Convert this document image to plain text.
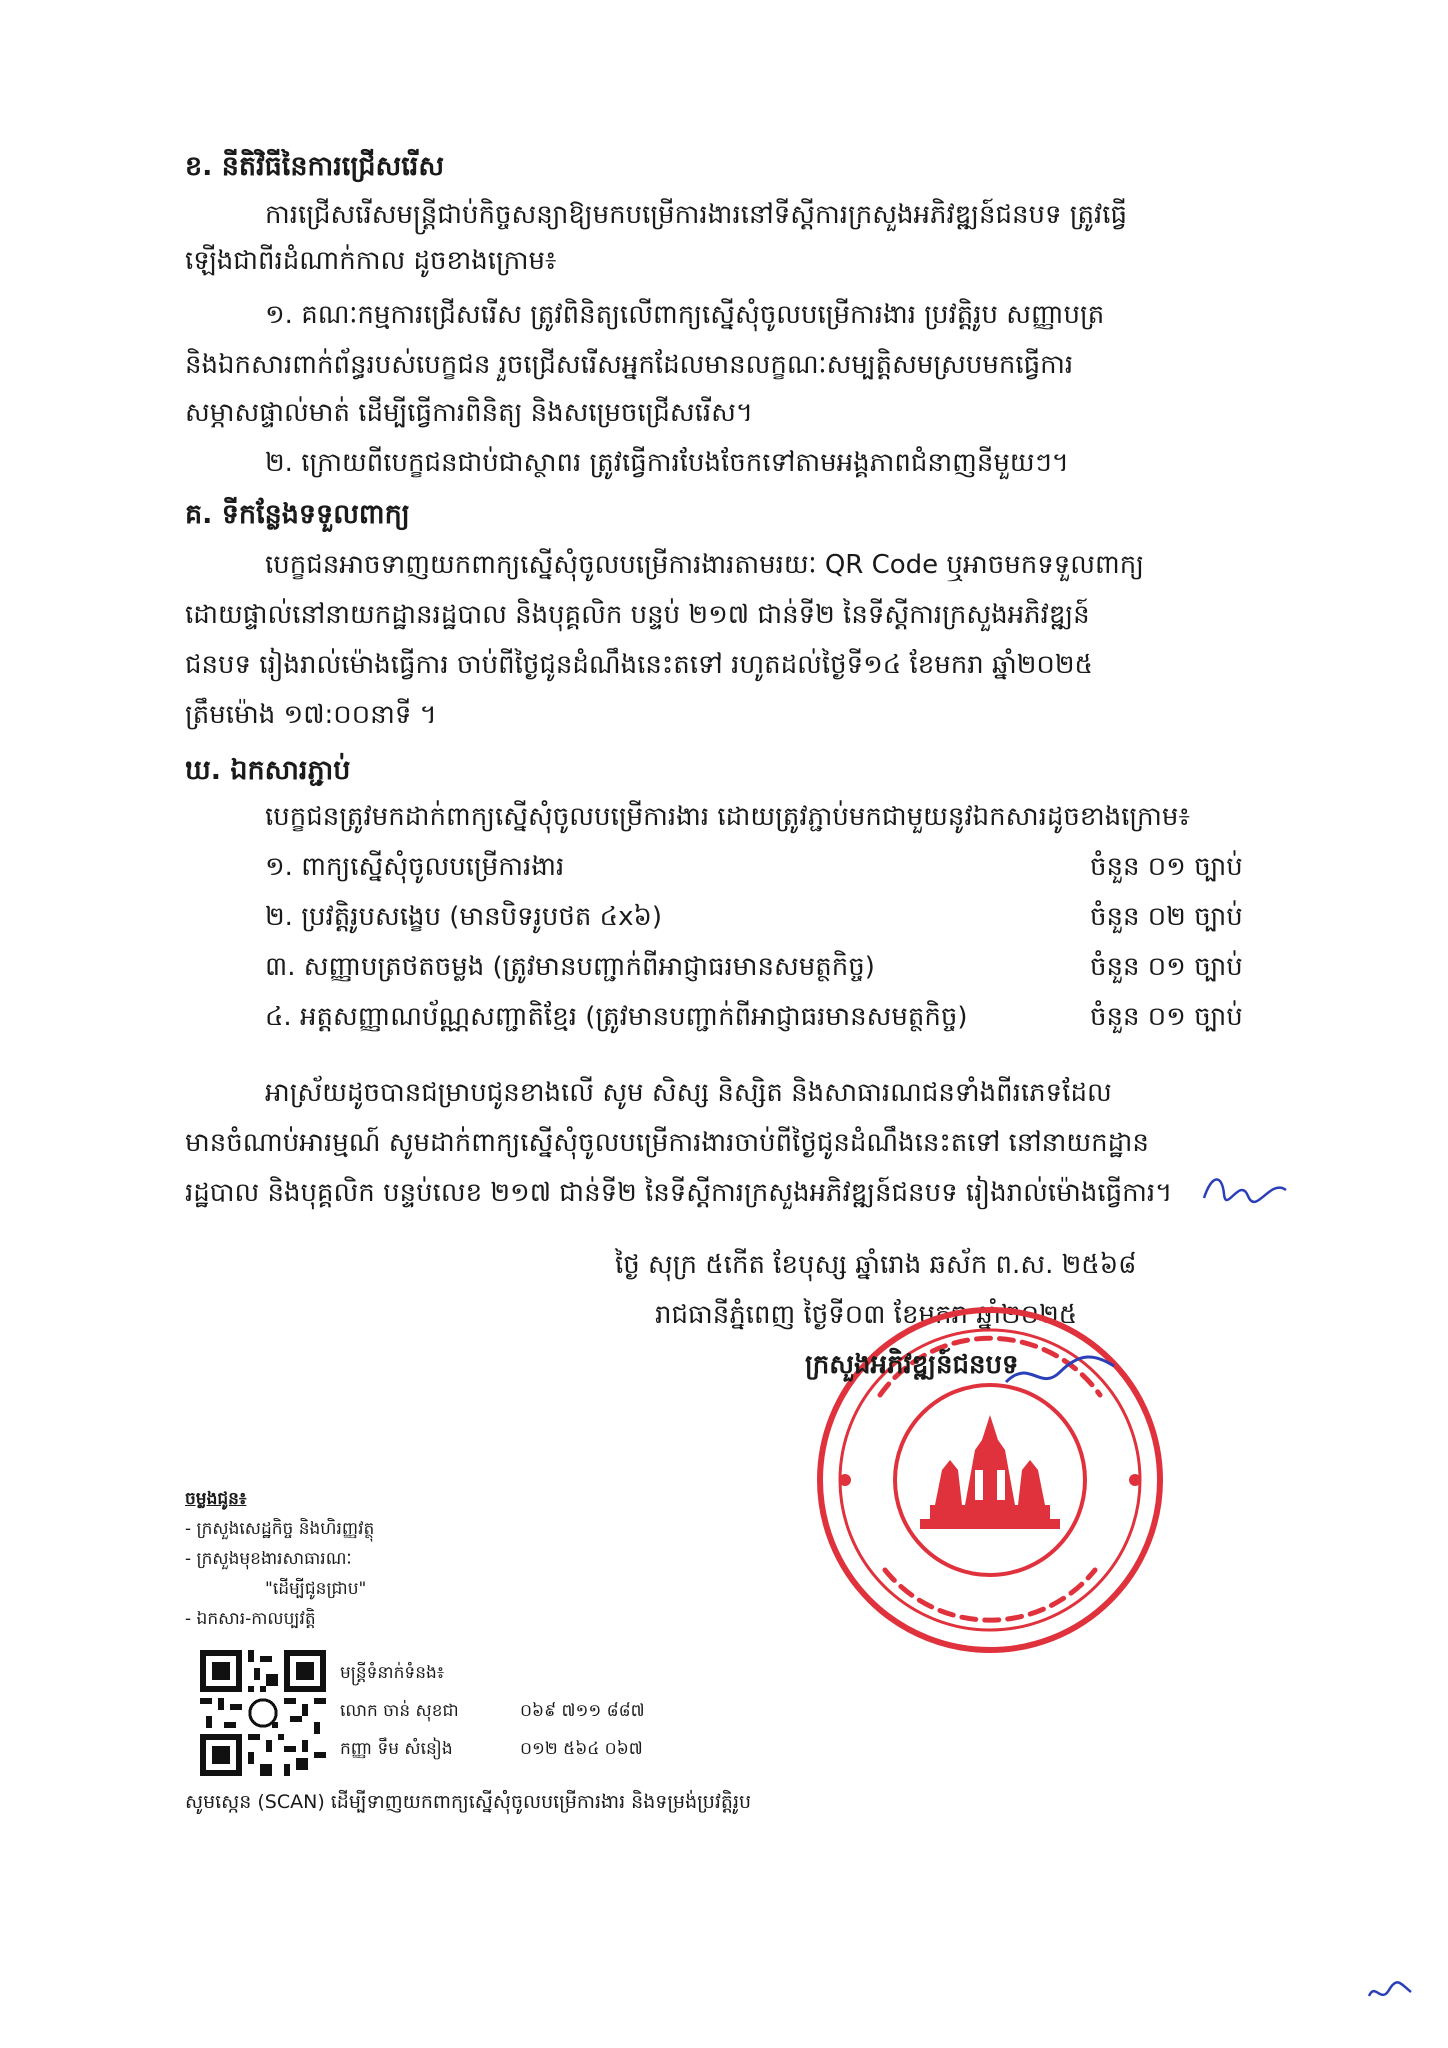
ខ. នីតិវិធីនៃការជ្រើសរើស
ការជ្រើសរើសមន្ត្រីជាប់កិច្ចសន្យាឱ្យមកបម្រើការងារនៅទីស្តីការក្រសួងអភិវឌ្ឍន៍ជនបទ ត្រូវធ្វើ
ឡើងជាពីរដំណាក់កាល ដូចខាងក្រោម៖
១. គណៈកម្មការជ្រើសរើស ត្រូវពិនិត្យលើពាក្យស្នើសុំចូលបម្រើការងារ ប្រវត្តិរូប សញ្ញាបត្រ
និងឯកសារពាក់ព័ន្ធរបស់បេក្ខជន រួចជ្រើសរើសអ្នកដែលមានលក្ខណៈសម្បត្តិសមស្របមកធ្វើការ
សម្ភាសផ្ទាល់មាត់ ដើម្បីធ្វើការពិនិត្យ និងសម្រេចជ្រើសរើស។
២. ក្រោយពីបេក្ខជនជាប់ជាស្ថាពរ ត្រូវធ្វើការបែងចែកទៅតាមអង្គភាពជំនាញនីមួយៗ។
គ. ទីកន្លែងទទួលពាក្យ
បេក្ខជនអាចទាញយកពាក្យស្នើសុំចូលបម្រើការងារតាមរយៈ QR Code ឬអាចមកទទួលពាក្យ
ដោយផ្ទាល់នៅនាយកដ្ឋានរដ្ឋបាល និងបុគ្គលិក បន្ទប់ ២១៧ ជាន់ទី២ នៃទីស្តីការក្រសួងអភិវឌ្ឍន៍
ជនបទ រៀងរាល់ម៉ោងធ្វើការ ចាប់ពីថ្ងៃជូនដំណឹងនេះតទៅ រហូតដល់ថ្ងៃទី១៤ ខែមករា ឆ្នាំ២០២៥
ត្រឹមម៉ោង ១៧:០០នាទី ។
ឃ. ឯកសារភ្ជាប់
បេក្ខជនត្រូវមកដាក់ពាក្យស្នើសុំចូលបម្រើការងារ ដោយត្រូវភ្ជាប់មកជាមួយនូវឯកសារដូចខាងក្រោម៖
១. ពាក្យស្នើសុំចូលបម្រើការងារ	ចំនួន ០១ ច្បាប់
២. ប្រវត្តិរូបសង្ខេប (មានបិទរូបថត ៤x៦)	ចំនួន ០២ ច្បាប់
៣. សញ្ញាបត្រថតចម្លង (ត្រូវមានបញ្ជាក់ពីអាជ្ញាធរមានសមត្ថកិច្ច)	ចំនួន ០១ ច្បាប់
៤. អត្តសញ្ញាណប័ណ្ណសញ្ជាតិខ្មែរ (ត្រូវមានបញ្ជាក់ពីអាជ្ញាធរមានសមត្ថកិច្ច)	ចំនួន ០១ ច្បាប់
អាស្រ័យដូចបានជម្រាបជូនខាងលើ សូម សិស្ស និស្សិត និងសាធារណជនទាំងពីរភេទដែល
មានចំណាប់អារម្មណ៍ សូមដាក់ពាក្យស្នើសុំចូលបម្រើការងារចាប់ពីថ្ងៃជូនដំណឹងនេះតទៅ នៅនាយកដ្ឋាន
រដ្ឋបាល និងបុគ្គលិក បន្ទប់លេខ ២១៧ ជាន់ទី២ នៃទីស្តីការក្រសួងអភិវឌ្ឍន៍ជនបទ រៀងរាល់ម៉ោងធ្វើការ។
ថ្ងៃ សុក្រ ៥កើត ខែបុស្ស ឆ្នាំរោង ឆស័ក ព.ស. ២៥៦៨
រាជធានីភ្នំពេញ ថ្ងៃទី០៣ ខែមករា ឆ្នាំ២០២៥
ក្រសួងអភិវឌ្ឍន៍ជនបទ
ចម្លងជូន៖
- ក្រសួងសេដ្ឋកិច្ច និងហិរញ្ញវត្ថុ
- ក្រសួងមុខងារសាធារណៈ
"ដើម្បីជូនជ្រាប"
- ឯកសារ-កាលប្បវត្តិ
មន្ត្រីទំនាក់ទំនង៖
លោក ចាន់ សុខជា	០៦៩ ៧១១ ៨៨៧
កញ្ញា ទឹម សំនៀង	០១២ ៥៦៤ ០៦៧
សូមស្កេន (SCAN) ដើម្បីទាញយកពាក្យស្នើសុំចូលបម្រើការងារ និងទម្រង់ប្រវត្តិរូប
